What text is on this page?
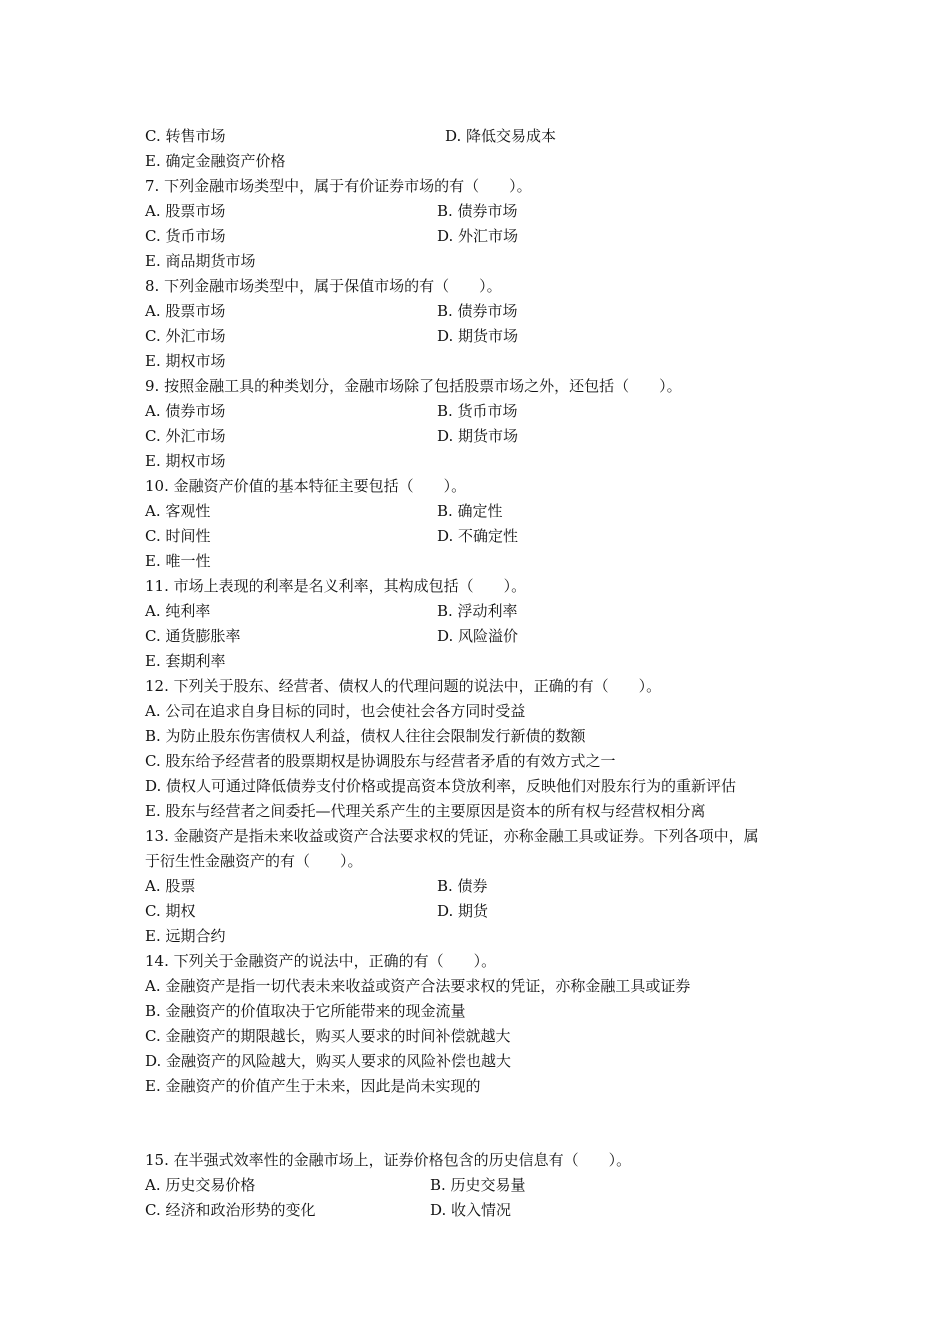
C. 转售市场	D. 降低交易成本
E. 确定金融资产价格
7. 下列金融市场类型中，属于有价证券市场的有（　　）。
A. 股票市场	B. 债券市场
C. 货币市场	D. 外汇市场
E. 商品期货市场
8. 下列金融市场类型中，属于保值市场的有（　　）。
A. 股票市场	B. 债券市场
C. 外汇市场	D. 期货市场
E. 期权市场
9. 按照金融工具的种类划分，金融市场除了包括股票市场之外，还包括（　　）。
A. 债券市场	B. 货币市场
C. 外汇市场	D. 期货市场
E. 期权市场
10. 金融资产价值的基本特征主要包括（　　）。
A. 客观性	B. 确定性
C. 时间性	D. 不确定性
E. 唯一性
11. 市场上表现的利率是名义利率，其构成包括（　　）。
A. 纯利率	B. 浮动利率
C. 通货膨胀率	D. 风险溢价
E. 套期利率
12. 下列关于股东、经营者、债权人的代理问题的说法中，正确的有（　　）。
A. 公司在追求自身目标的同时，也会使社会各方同时受益
B. 为防止股东伤害债权人利益，债权人往往会限制发行新债的数额
C. 股东给予经营者的股票期权是协调股东与经营者矛盾的有效方式之一
D. 债权人可通过降低债券支付价格或提高资本贷放利率，反映他们对股东行为的重新评估
E. 股东与经营者之间委托—代理关系产生的主要原因是资本的所有权与经营权相分离
13. 金融资产是指未来收益或资产合法要求权的凭证，亦称金融工具或证券。下列各项中，属
于衍生性金融资产的有（　　）。
A. 股票	B. 债券
C. 期权	D. 期货
E. 远期合约
14. 下列关于金融资产的说法中，正确的有（　　）。
A. 金融资产是指一切代表未来收益或资产合法要求权的凭证，亦称金融工具或证券
B. 金融资产的价值取决于它所能带来的现金流量
C. 金融资产的期限越长，购买人要求的时间补偿就越大
D. 金融资产的风险越大，购买人要求的风险补偿也越大
E. 金融资产的价值产生于未来，因此是尚未实现的
15. 在半强式效率性的金融市场上，证券价格包含的历史信息有（　　）。
A. 历史交易价格	B. 历史交易量
C. 经济和政治形势的变化	D. 收入情况
